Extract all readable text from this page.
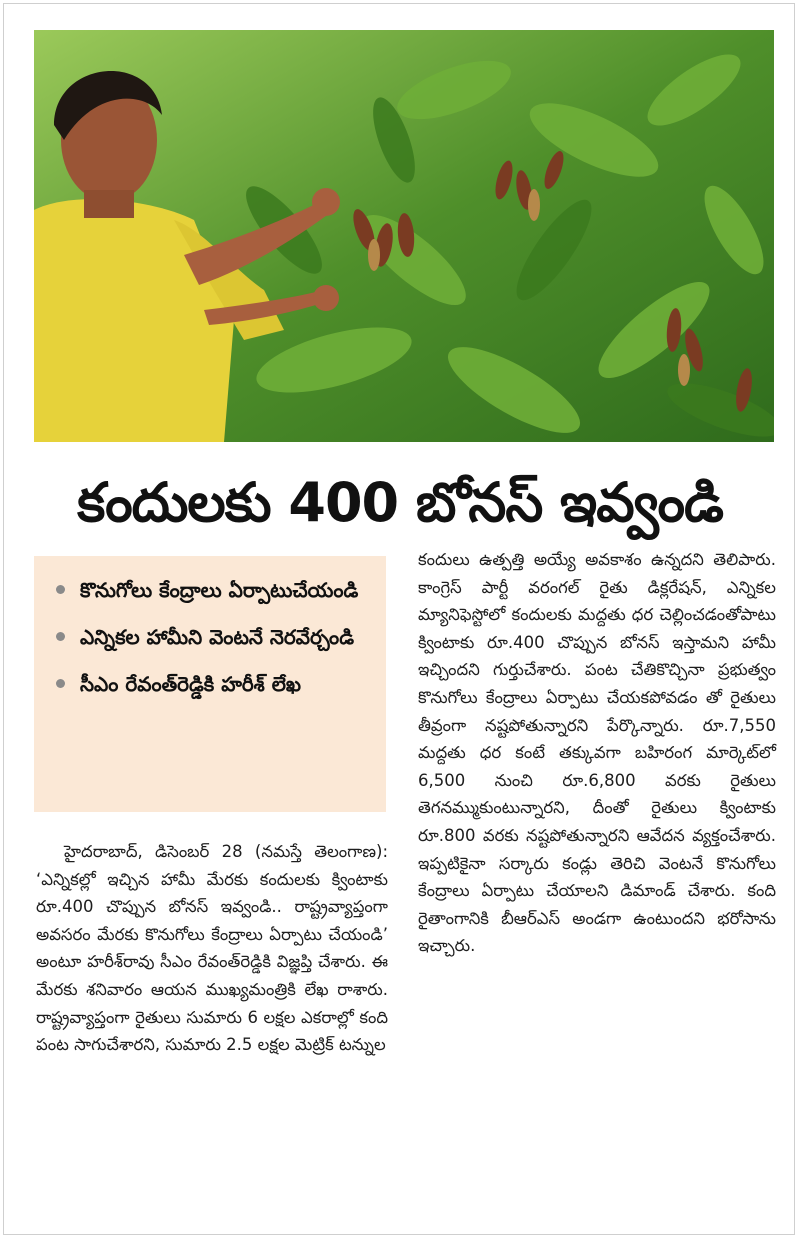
కందులకు 400 బోనస్ ఇవ్వండి
కొనుగోలు కేంద్రాలు ఏర్పాటుచేయండి
ఎన్నికల హామీని వెంటనే నెరవేర్చండి
సీఎం రేవంత్‌రెడ్డికి హరీశ్ లేఖ

హైదరాబాద్, డిసెంబర్ 28 (నమస్తే తెలంగాణ): ‘ఎన్నికల్లో ఇచ్చిన హామీ మేరకు కందులకు క్వింటాకు రూ.400 చొప్పున బోనస్ ఇవ్వండి.. రాష్ట్రవ్యాప్తంగా అవసరం మేరకు కొనుగోలు కేంద్రాలు ఏర్పాటు చేయండి’ అంటూ హరీశ్‌రావు సీఎం రేవంత్‌రెడ్డికి విజ్ఞప్తి చేశారు. ఈ మేరకు శనివారం ఆయన ముఖ్యమంత్రికి లేఖ రాశారు. రాష్ట్రవ్యాప్తంగా రైతులు సుమారు 6 లక్షల ఎకరాల్లో కంది పంట సాగుచేశారని, సుమారు 2.5 లక్షల మెట్రిక్ టన్నుల

కందులు ఉత్పత్తి అయ్యే అవకాశం ఉన్నదని తెలిపారు. కాంగ్రెస్ పార్టీ వరంగల్ రైతు డిక్లరేషన్, ఎన్నికల మ్యానిఫెస్టోలో కందులకు మద్దతు ధర చెల్లించడంతోపాటు క్వింటాకు రూ.400 చొప్పున బోనస్ ఇస్తామని హామీ ఇచ్చిందని గుర్తుచేశారు. పంట చేతికొచ్చినా ప్రభుత్వం కొనుగోలు కేంద్రాలు ఏర్పాటు చేయకపోవడం తో రైతులు తీవ్రంగా నష్టపోతున్నారని పేర్కొన్నారు. రూ.7,550 మద్దతు ధర కంటే తక్కువగా బహిరంగ మార్కెట్‌లో 6,500 నుంచి రూ.6,800 వరకు రైతులు తెగనమ్ముకుంటున్నారని, దీంతో రైతులు క్వింటాకు రూ.800 వరకు నష్టపోతున్నారని ఆవేదన వ్యక్తంచేశారు. ఇప్పటికైనా సర్కారు కండ్లు తెరిచి వెంటనే కొనుగోలు కేంద్రాలు ఏర్పాటు చేయాలని డిమాండ్ చేశారు. కంది రైతాంగానికి బీఆర్‌ఎస్ అండగా ఉంటుందని భరోసాను ఇచ్చారు.
